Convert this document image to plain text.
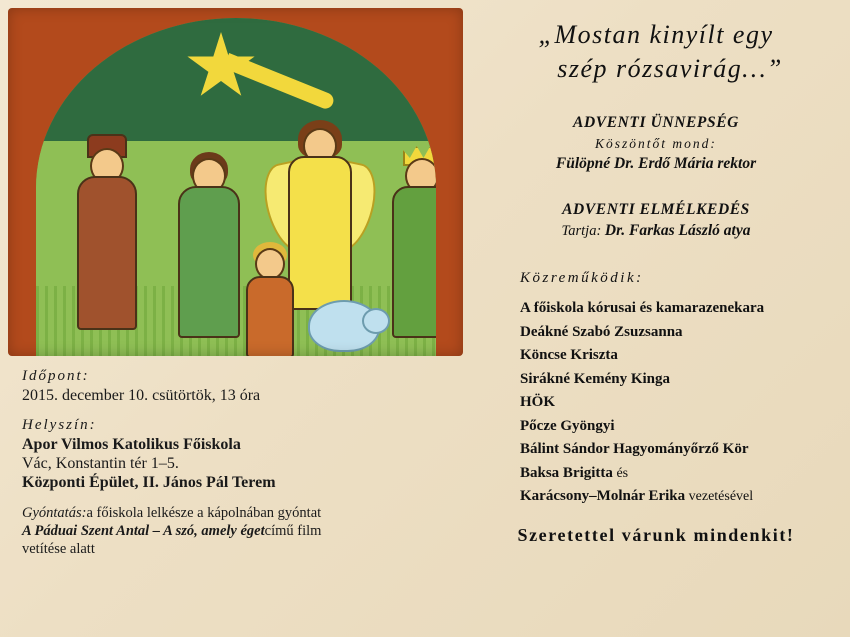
Időpont:
2015. december 10. csütörtök, 13 óra
Helyszín:
Apor Vilmos Katolikus Főiskola
Vác, Konstantin tér 1–5.
Központi Épület, II. János Pál Terem
Gyóntatás:a főiskola lelkésze a kápolnában gyóntat
A Páduai Szent Antal – A szó, amely égetcímű film
vetítése alatt
„Mostan kinyílt egy
szép rózsavirág…”
ADVENTI ÜNNEPSÉG
Köszöntőt mond:
Fülöpné Dr. Erdő Mária rektor
ADVENTI ELMÉLKEDÉS
Tartja: Dr. Farkas László atya
Közreműködik:
A főiskola kórusai és kamarazenekara
Deákné Szabó Zsuzsanna
Köncse Kriszta
Sirákné Kemény Kinga
HÖK
Pőcze Gyöngyi
Bálint Sándor Hagyományőrző Kör
Baksa Brigitta és
Karácsony–Molnár Erika vezetésével
Szeretettel várunk mindenkit!
